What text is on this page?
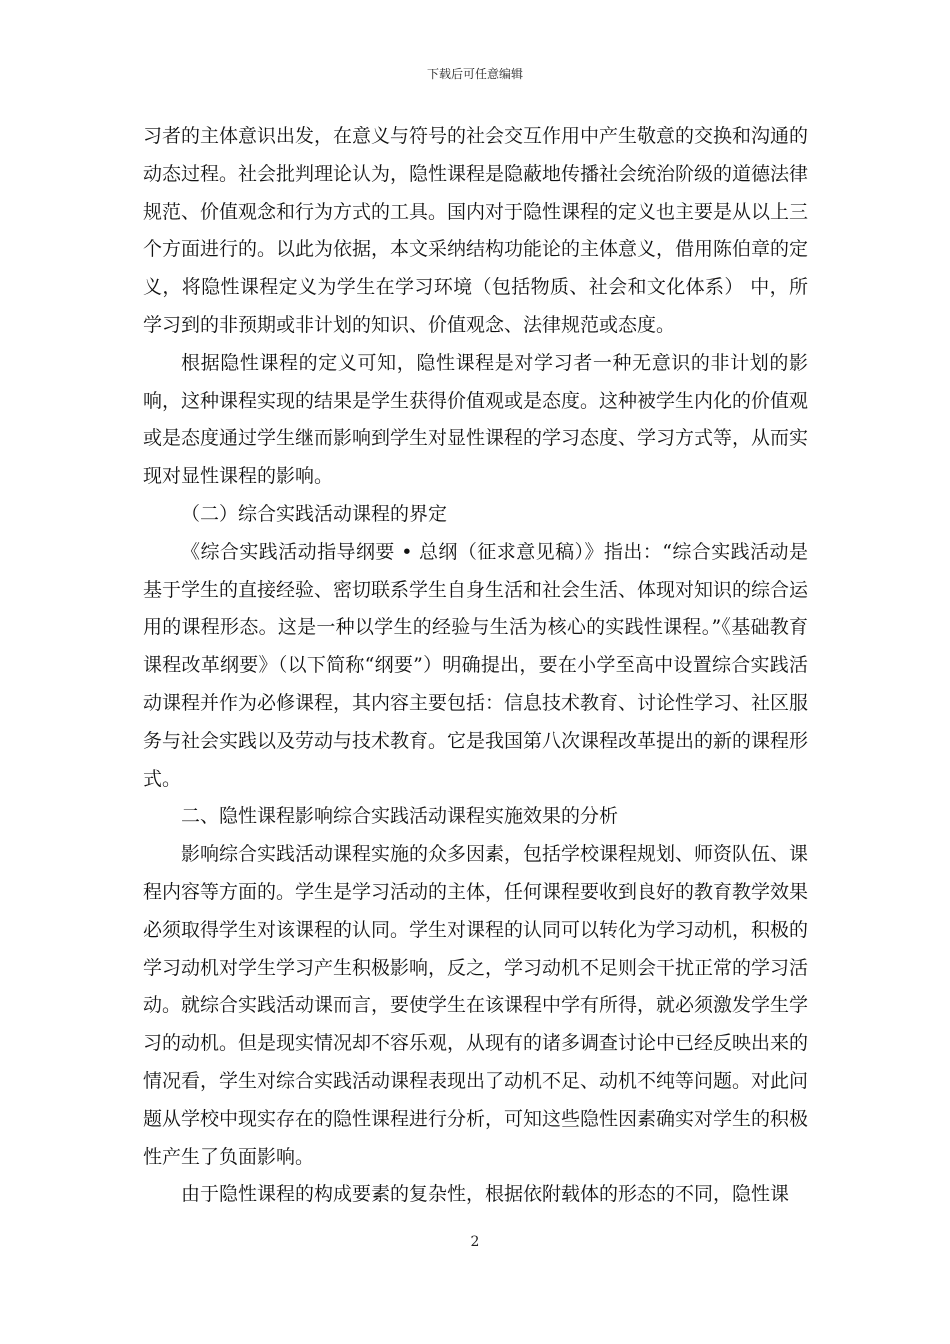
下载后可任意编辑

习者的主体意识出发，在意义与符号的社会交互作用中产生敬意的交换和沟通的动态过程。社会批判理论认为，隐性课程是隐蔽地传播社会统治阶级的道德法律规范、价值观念和行为方式的工具。国内对于隐性课程的定义也主要是从以上三个方面进行的。以此为依据，本文采纳结构功能论的主体意义，借用陈伯章的定义，将隐性课程定义为学生在学习环境（包括物质、社会和文化体系） 中，所学习到的非预期或非计划的知识、价值观念、法律规范或态度。

根据隐性课程的定义可知，隐性课程是对学习者一种无意识的非计划的影响，这种课程实现的结果是学生获得价值观或是态度。这种被学生内化的价值观或是态度通过学生继而影响到学生对显性课程的学习态度、学习方式等，从而实现对显性课程的影响。

（二）综合实践活动课程的界定

《综合实践活动指导纲要 • 总纲（征求意见稿）》指出：“综合实践活动是基于学生的直接经验、密切联系学生自身生活和社会生活、体现对知识的综合运用的课程形态。这是一种以学生的经验与生活为核心的实践性课程。”《基础教育课程改革纲要》（以下简称“纲要”）明确提出，要在小学至高中设置综合实践活动课程并作为必修课程，其内容主要包括：信息技术教育、讨论性学习、社区服务与社会实践以及劳动与技术教育。它是我国第八次课程改革提出的新的课程形式。

二、隐性课程影响综合实践活动课程实施效果的分析

影响综合实践活动课程实施的众多因素，包括学校课程规划、师资队伍、课程内容等方面的。学生是学习活动的主体，任何课程要收到良好的教育教学效果必须取得学生对该课程的认同。学生对课程的认同可以转化为学习动机，积极的学习动机对学生学习产生积极影响，反之，学习动机不足则会干扰正常的学习活动。就综合实践活动课而言，要使学生在该课程中学有所得，就必须激发学生学习的动机。但是现实情况却不容乐观，从现有的诸多调查讨论中已经反映出来的情况看，学生对综合实践活动课程表现出了动机不足、动机不纯等问题。对此问题从学校中现实存在的隐性课程进行分析，可知这些隐性因素确实对学生的积极性产生了负面影响。

由于隐性课程的构成要素的复杂性，根据依附载体的形态的不同，隐性课

2
